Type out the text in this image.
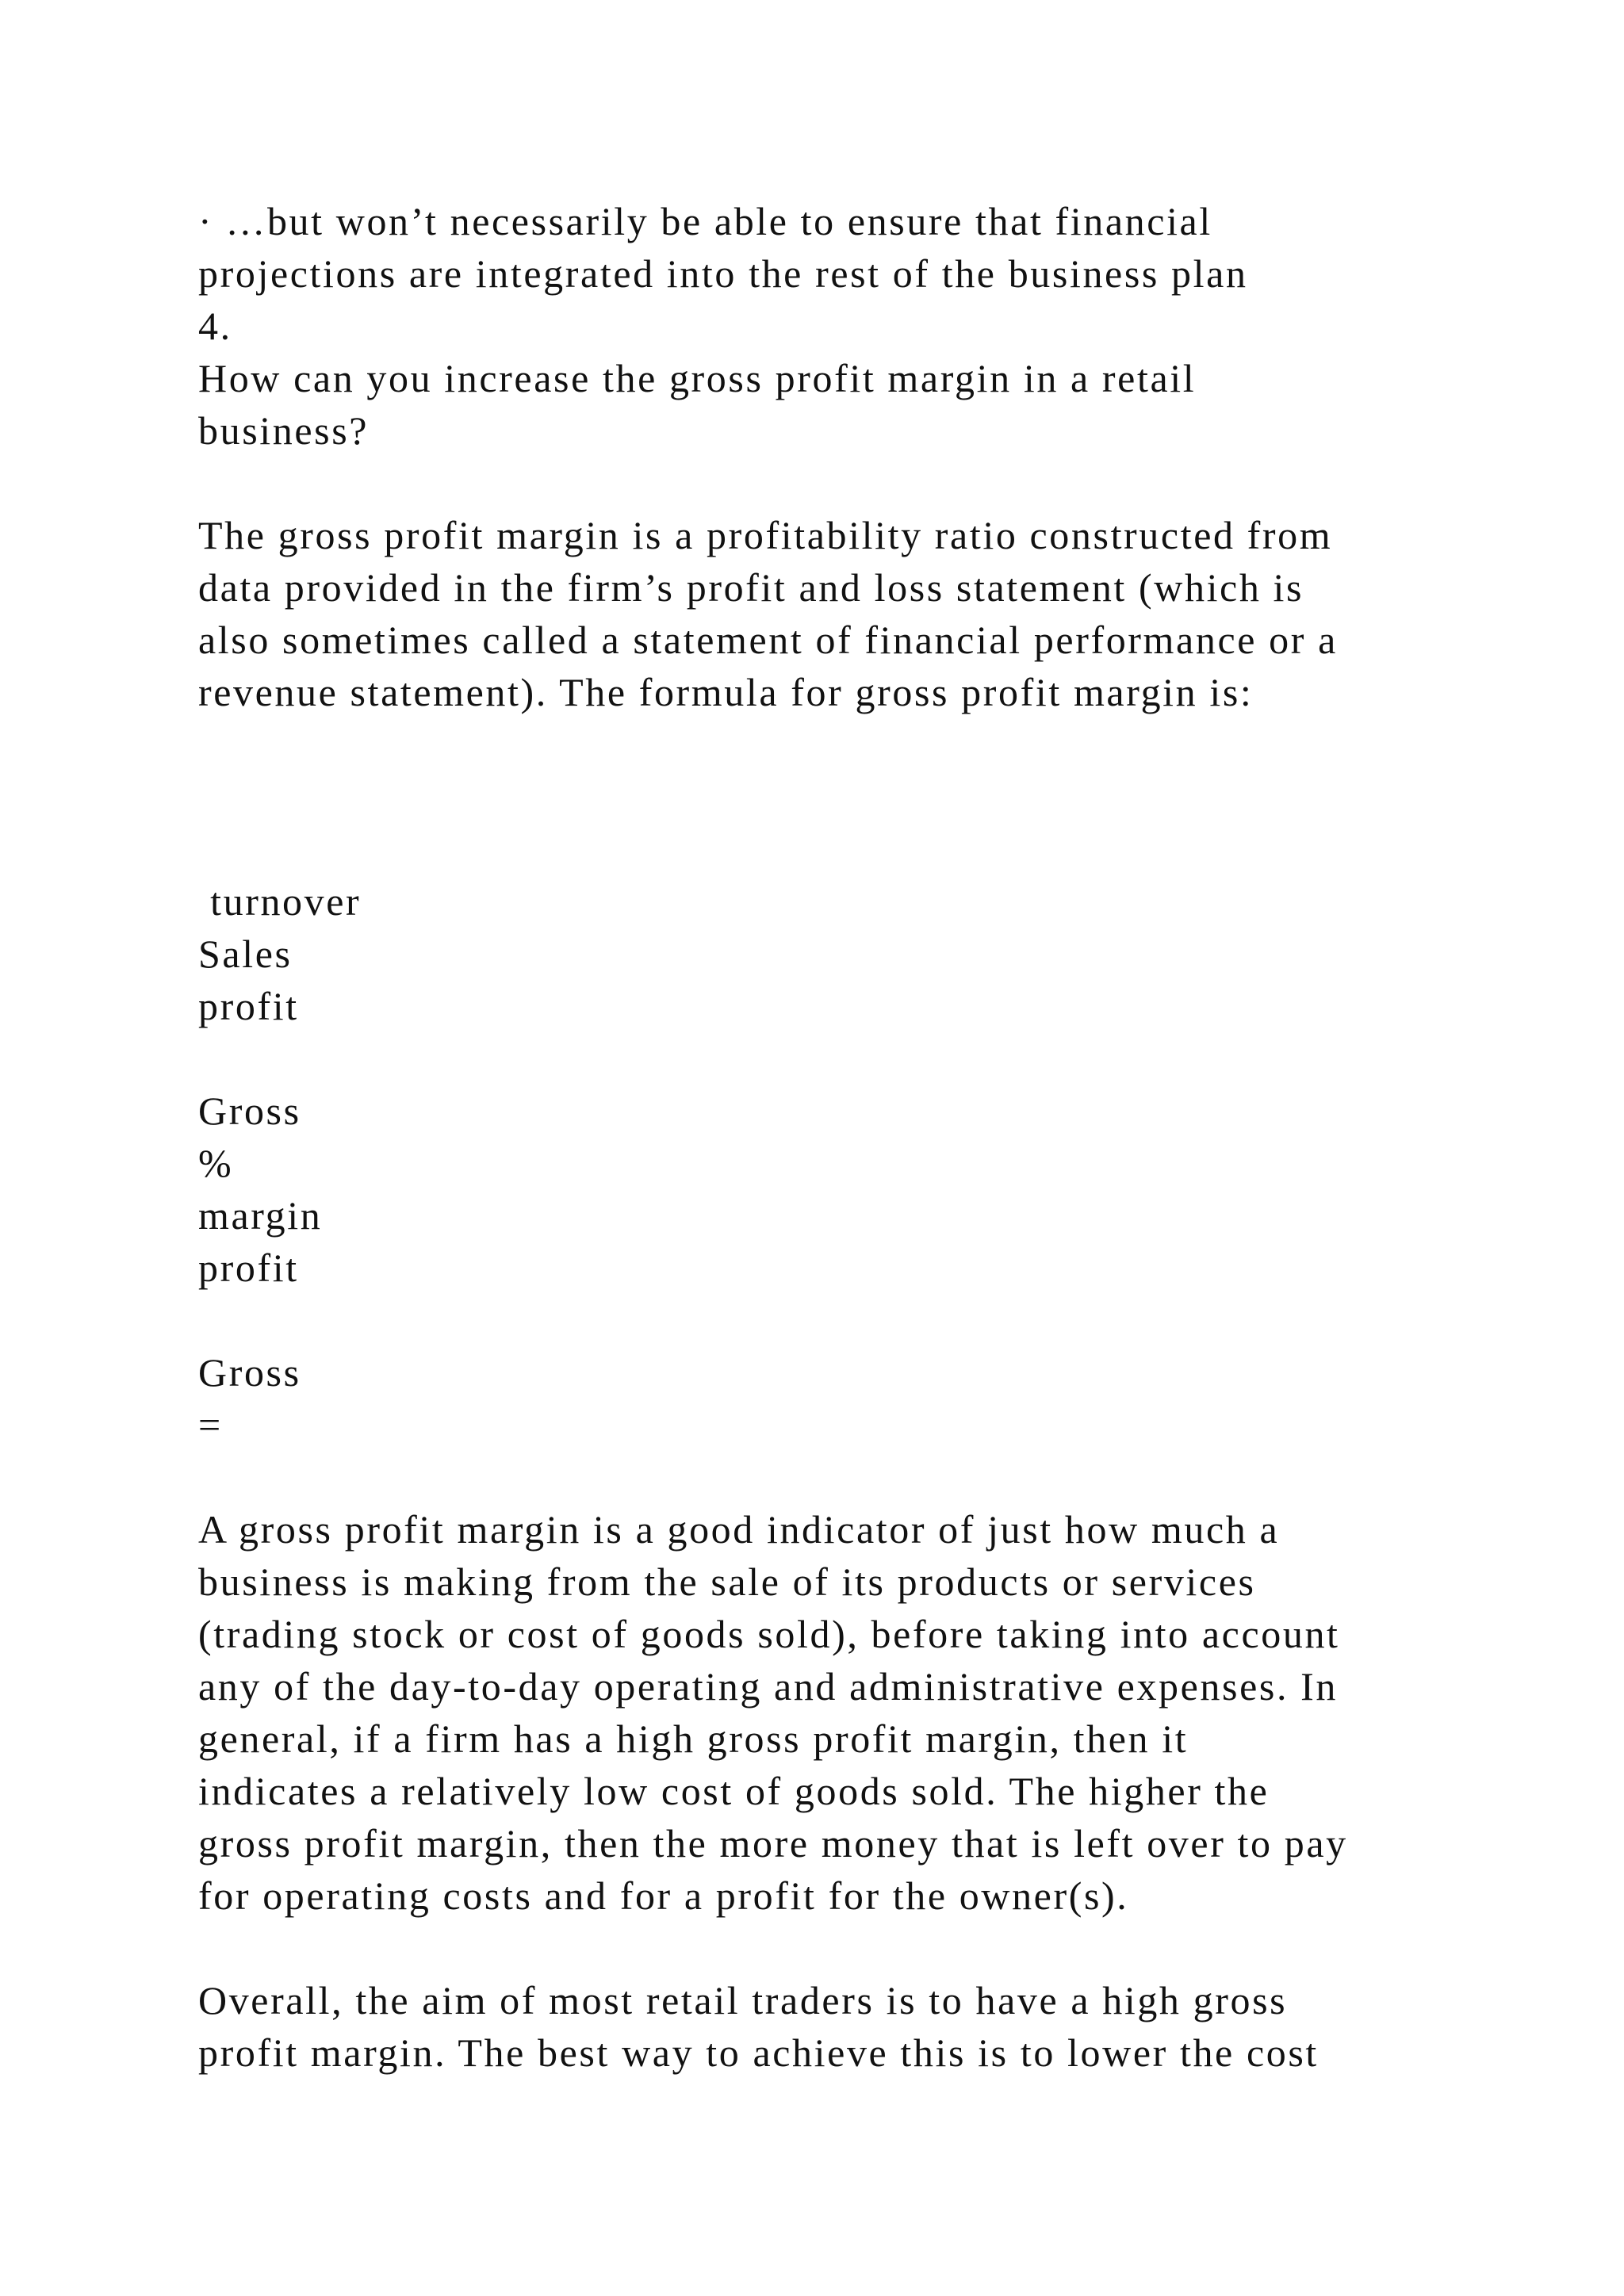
· …but won’t necessarily be able to ensure that financial
projections are integrated into the rest of the business plan
4.
How can you increase the gross profit margin in a retail
business?
The gross profit margin is a profitability ratio constructed from
data provided in the firm’s profit and loss statement (which is
also sometimes called a statement of financial performance or a
revenue statement). The formula for gross profit margin is:
turnover
Sales
profit
Gross
%
margin
profit
Gross
=
A gross profit margin is a good indicator of just how much a
business is making from the sale of its products or services
(trading stock or cost of goods sold), before taking into account
any of the day-to-day operating and administrative expenses. In
general, if a firm has a high gross profit margin, then it
indicates a relatively low cost of goods sold. The higher the
gross profit margin, then the more money that is left over to pay
for operating costs and for a profit for the owner(s).
Overall, the aim of most retail traders is to have a high gross
profit margin. The best way to achieve this is to lower the cost
